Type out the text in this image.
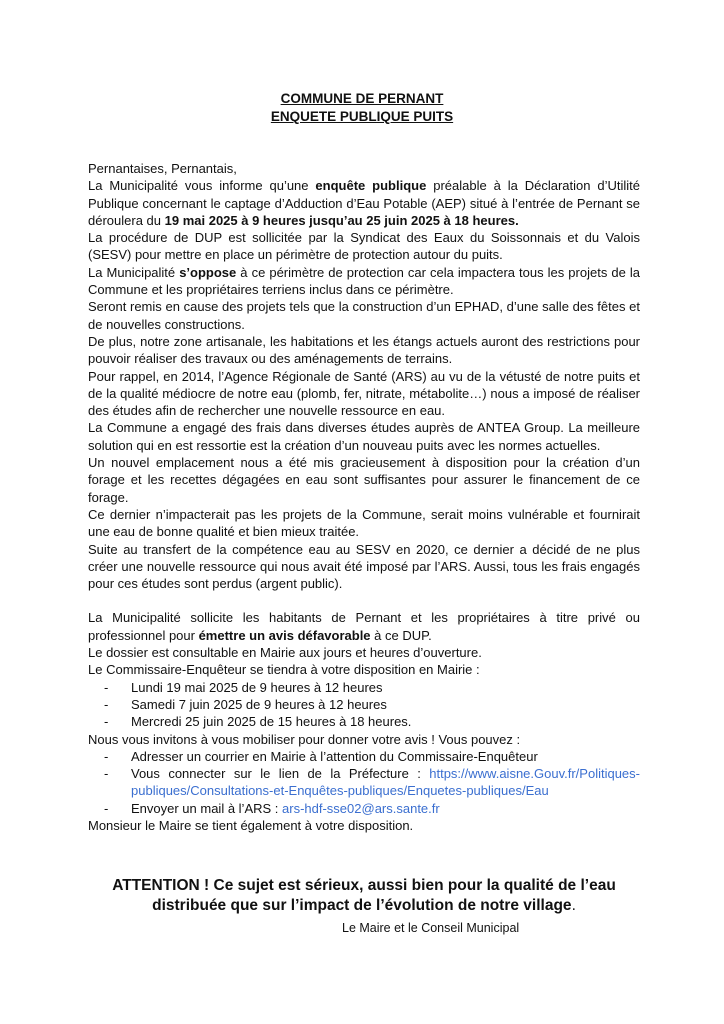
COMMUNE DE PERNANT
ENQUETE PUBLIQUE PUITS

Pernantaises, Pernantais,

La Municipalité vous informe qu’une enquête publique préalable à la Déclaration d’Utilité Publique concernant le captage d’Adduction d’Eau Potable (AEP) situé à l’entrée de Pernant se déroulera du 19 mai 2025 à 9 heures jusqu’au 25 juin 2025 à 18 heures.

La procédure de DUP est sollicitée par la Syndicat des Eaux du Soissonnais et du Valois (SESV) pour mettre en place un périmètre de protection autour du puits.

La Municipalité s’oppose à ce périmètre de protection car cela impactera tous les projets de la Commune et les propriétaires terriens inclus dans ce périmètre.

Seront remis en cause des projets tels que la construction d’un EPHAD, d’une salle des fêtes et de nouvelles constructions.

De plus, notre zone artisanale, les habitations et les étangs actuels auront des restrictions pour pouvoir réaliser des travaux ou des aménagements de terrains.

Pour rappel, en 2014, l’Agence Régionale de Santé (ARS) au vu de la vétusté de notre puits et de la qualité médiocre de notre eau (plomb, fer, nitrate, métabolite…) nous a imposé de réaliser des études afin de rechercher une nouvelle ressource en eau.

La Commune a engagé des frais dans diverses études auprès de ANTEA Group. La meilleure solution qui en est ressortie est la création d’un nouveau puits avec les normes actuelles.

Un nouvel emplacement nous a été mis gracieusement à disposition pour la création d’un forage et les recettes dégagées en eau sont suffisantes pour assurer le financement de ce forage.

Ce dernier n’impacterait pas les projets de la Commune, serait moins vulnérable et fournirait une eau de bonne qualité et bien mieux traitée.

Suite au transfert de la compétence eau au SESV en 2020, ce dernier a décidé de ne plus créer une nouvelle ressource qui nous avait été imposé par l’ARS. Aussi, tous les frais engagés pour ces études sont perdus (argent public).

La Municipalité sollicite les habitants de Pernant et les propriétaires à titre privé ou professionnel pour émettre un avis défavorable à ce DUP.

Le dossier est consultable en Mairie aux jours et heures d’ouverture.

Le Commissaire-Enquêteur se tiendra à votre disposition en Mairie :

- Lundi 19 mai 2025 de 9 heures à 12 heures
- Samedi 7 juin 2025 de 9 heures à 12 heures
- Mercredi 25 juin 2025 de 15 heures à 18 heures.

Nous vous invitons à vous mobiliser pour donner votre avis ! Vous pouvez :

- Adresser un courrier en Mairie à l’attention du Commissaire-Enquêteur
- Vous connecter sur le lien de la Préfecture : https://www.aisne.Gouv.fr/Politiques-publiques/Consultations-et-Enquêtes-publiques/Enquetes-publiques/Eau
- Envoyer un mail à l’ARS : ars-hdf-sse02@ars.sante.fr

Monsieur le Maire se tient également à votre disposition.

ATTENTION ! Ce sujet est sérieux, aussi bien pour la qualité de l’eau
distribuée que sur l’impact de l’évolution de notre village.
Le Maire et le Conseil Municipal
